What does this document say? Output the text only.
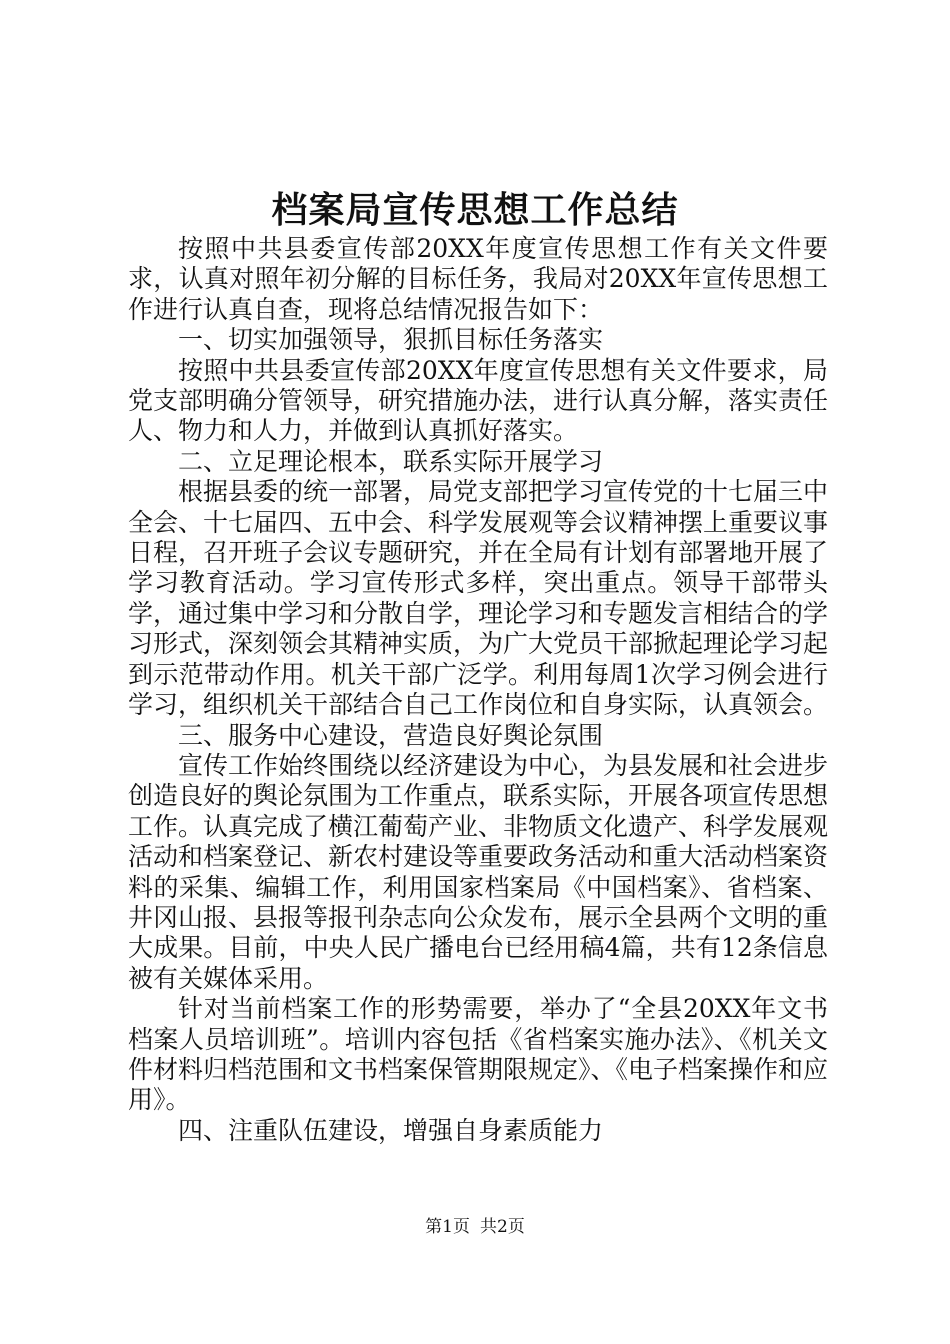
档案局宣传思想工作总结

按照中共县委宣传部20XX年度宣传思想工作有关文件要求，认真对照年初分解的目标任务，我局对20XX年宣传思想工作进行认真自查，现将总结情况报告如下：

一、切实加强领导，狠抓目标任务落实

按照中共县委宣传部20XX年度宣传思想有关文件要求，局党支部明确分管领导，研究措施办法，进行认真分解，落实责任人、物力和人力，并做到认真抓好落实。

二、立足理论根本，联系实际开展学习

根据县委的统一部署，局党支部把学习宣传党的十七届三中全会、十七届四、五中会、科学发展观等会议精神摆上重要议事日程，召开班子会议专题研究，并在全局有计划有部署地开展了学习教育活动。学习宣传形式多样，突出重点。领导干部带头学，通过集中学习和分散自学，理论学习和专题发言相结合的学习形式，深刻领会其精神实质，为广大党员干部掀起理论学习起到示范带动作用。机关干部广泛学。利用每周1次学习例会进行学习，组织机关干部结合自己工作岗位和自身实际，认真领会。

三、服务中心建设，营造良好舆论氛围

宣传工作始终围绕以经济建设为中心，为县发展和社会进步创造良好的舆论氛围为工作重点，联系实际，开展各项宣传思想工作。认真完成了横江葡萄产业、非物质文化遗产、科学发展观活动和档案登记、新农村建设等重要政务活动和重大活动档案资料的采集、编辑工作，利用国家档案局《中国档案》、省档案、井冈山报、县报等报刊杂志向公众发布，展示全县两个文明的重大成果。目前，中央人民广播电台已经用稿4篇，共有12条信息被有关媒体采用。

针对当前档案工作的形势需要，举办了“全县20XX年文书档案人员培训班”。培训内容包括《省档案实施办法》、《机关文件材料归档范围和文书档案保管期限规定》、《电子档案操作和应用》。

四、注重队伍建设，增强自身素质能力

第1页 共2页
